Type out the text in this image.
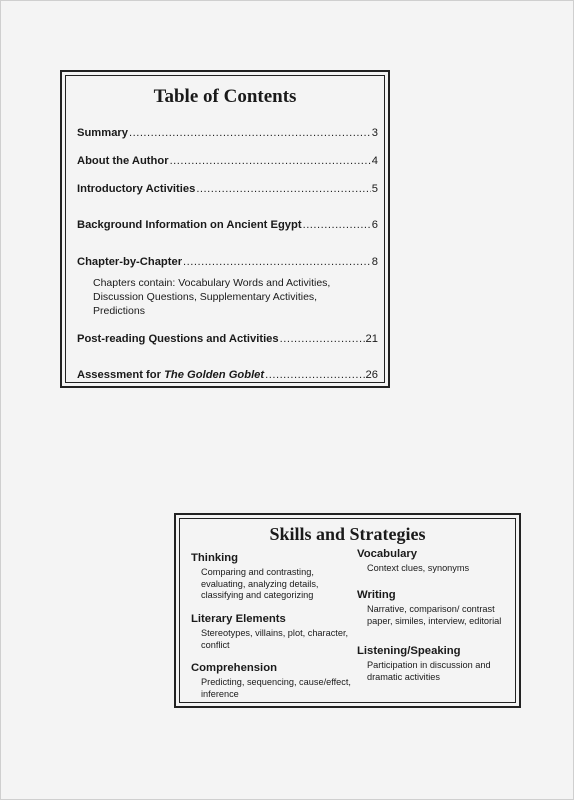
Table of Contents
Summary .....	3
About the Author .....	4
Introductory Activities .....	5
Background Information on Ancient Egypt .....	6
Chapter-by-Chapter .....	8
Chapters contain: Vocabulary Words and Activities, Discussion Questions, Supplementary Activities, Predictions
Post-reading Questions and Activities .....	21
Assessment for The Golden Goblet .....	26
Skills and Strategies
Thinking
Comparing and contrasting, evaluating, analyzing details, classifying and categorizing
Literary Elements
Stereotypes, villains, plot, character, conflict
Comprehension
Predicting, sequencing, cause/effect, inference
Vocabulary
Context clues, synonyms
Writing
Narrative, comparison/ contrast paper, similes, interview, editorial
Listening/Speaking
Participation in discussion and dramatic activities
